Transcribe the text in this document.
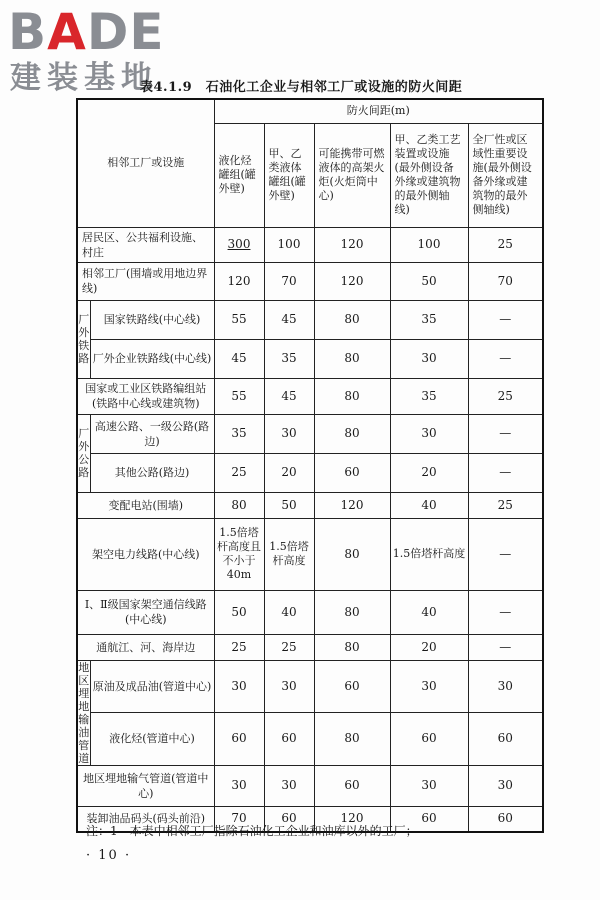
BADE
建装基地
表4.1.9　石油化工企业与相邻工厂或设施的防火间距
相邻工厂或设施		防火间距(m)				
		液化烃罐组(罐外壁)	甲、乙类液体罐组(罐外壁)	可能携带可燃液体的高架火炬(火炬筒中心)	甲、乙类工艺装置或设施(最外侧设备外缘或建筑物的最外侧轴线)	全厂性或区域性重要设施(最外侧设备外缘或建筑物的最外侧轴线)
居民区、公共福利设施、村庄		300	100	120	100	25
相邻工厂(围墙或用地边界线)		120	70	120	50	70
厂外铁路	国家铁路线(中心线)	55	45	80	35	—
	厂外企业铁路线(中心线)	45	35	80	30	—
国家或工业区铁路编组站(铁路中心线或建筑物)		55	45	80	35	25
厂外公路	高速公路、一级公路(路边)	35	30	80	30	—
	其他公路(路边)	25	20	60	20	—
变配电站(围墙)		80	50	120	40	25
架空电力线路(中心线)		1.5倍塔杆高度且不小于40m	1.5倍塔杆高度	80	1.5倍塔杆高度	—
Ⅰ、Ⅱ级国家架空通信线路(中心线)		50	40	80	40	—
通航江、河、海岸边		25	25	80	20	—
地区埋地输油管道	原油及成品油(管道中心)	30	30	60	30	30
	液化烃(管道中心)	60	60	80	60	60
地区埋地输气管道(管道中心)		30	30	60	30	30
装卸油品码头(码头前沿)		70	60	120	60	60
注：1　本表中相邻工厂指除石油化工企业和油库以外的工厂；
· 10 ·
